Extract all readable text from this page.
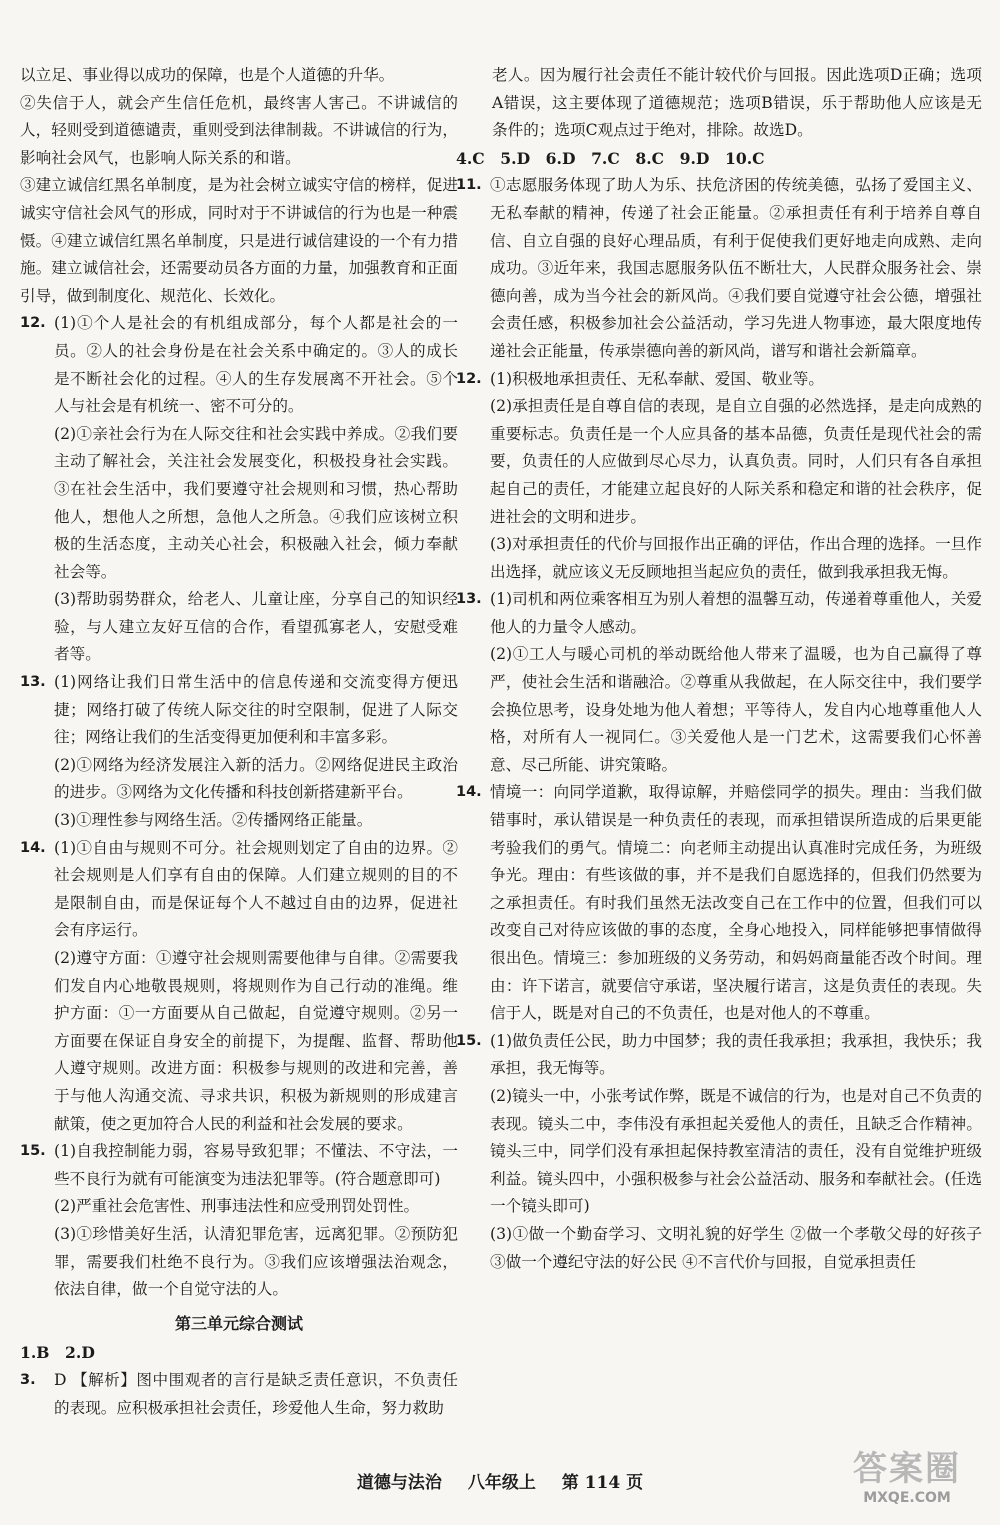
以立足、事业得以成功的保障，也是个人道德的升华。

②失信于人，就会产生信任危机，最终害人害己。不讲诚信的人，轻则受到道德谴责，重则受到法律制裁。不讲诚信的行为，影响社会风气，也影响人际关系的和谐。

③建立诚信红黑名单制度，是为社会树立诚实守信的榜样，促进诚实守信社会风气的形成，同时对于不讲诚信的行为也是一种震慑。④建立诚信红黑名单制度，只是进行诚信建设的一个有力措施。建立诚信社会，还需要动员各方面的力量，加强教育和正面引导，做到制度化、规范化、长效化。

12. (1)①个人是社会的有机组成部分，每个人都是社会的一员。②人的社会身份是在社会关系中确定的。③人的成长是不断社会化的过程。④人的生存发展离不开社会。⑤个人与社会是有机统一、密不可分的。

(2)①亲社会行为在人际交往和社会实践中养成。②我们要主动了解社会，关注社会发展变化，积极投身社会实践。③在社会生活中，我们要遵守社会规则和习惯，热心帮助他人，想他人之所想，急他人之所急。④我们应该树立积极的生活态度，主动关心社会，积极融入社会，倾力奉献社会等。

(3)帮助弱势群众，给老人、儿童让座，分享自己的知识经验，与人建立友好互信的合作，看望孤寡老人，安慰受难者等。

13. (1)网络让我们日常生活中的信息传递和交流变得方便迅捷；网络打破了传统人际交往的时空限制，促进了人际交往；网络让我们的生活变得更加便利和丰富多彩。

(2)①网络为经济发展注入新的活力。②网络促进民主政治的进步。③网络为文化传播和科技创新搭建新平台。

(3)①理性参与网络生活。②传播网络正能量。

14. (1)①自由与规则不可分。社会规则划定了自由的边界。②社会规则是人们享有自由的保障。人们建立规则的目的不是限制自由，而是保证每个人不越过自由的边界，促进社会有序运行。

(2)遵守方面：①遵守社会规则需要他律与自律。②需要我们发自内心地敬畏规则，将规则作为自己行动的准绳。维护方面：①一方面要从自己做起，自觉遵守规则。②另一方面要在保证自身安全的前提下，为提醒、监督、帮助他人遵守规则。改进方面：积极参与规则的改进和完善，善于与他人沟通交流、寻求共识，积极为新规则的形成建言献策，使之更加符合人民的利益和社会发展的要求。

15. (1)自我控制能力弱，容易导致犯罪；不懂法、不守法，一些不良行为就有可能演变为违法犯罪等。(符合题意即可)

(2)严重社会危害性、刑事违法性和应受刑罚处罚性。

(3)①珍惜美好生活，认清犯罪危害，远离犯罪。②预防犯罪，需要我们杜绝不良行为。③我们应该增强法治观念，依法自律，做一个自觉守法的人。

第三单元综合测试

1.B　2.D

3.	D 【解析】图中围观者的言行是缺乏责任意识，不负责任的表现。应积极承担社会责任，珍爱他人生命，努力救助

老人。因为履行社会责任不能计较代价与回报。因此选项D正确；选项A错误，这主要体现了道德规范；选项B错误，乐于帮助他人应该是无条件的；选项C观点过于绝对，排除。故选D。

4.C　5.D　6.D　7.C　8.C　9.D　10.C

11. ①志愿服务体现了助人为乐、扶危济困的传统美德，弘扬了爱国主义、无私奉献的精神，传递了社会正能量。②承担责任有利于培养自尊自信、自立自强的良好心理品质，有利于促使我们更好地走向成熟、走向成功。③近年来，我国志愿服务队伍不断壮大，人民群众服务社会、崇德向善，成为当今社会的新风尚。④我们要自觉遵守社会公德，增强社会责任感，积极参加社会公益活动，学习先进人物事迹，最大限度地传递社会正能量，传承崇德向善的新风尚，谱写和谐社会新篇章。

12. (1)积极地承担责任、无私奉献、爱国、敬业等。

(2)承担责任是自尊自信的表现，是自立自强的必然选择，是走向成熟的重要标志。负责任是一个人应具备的基本品德，负责任是现代社会的需要，负责任的人应做到尽心尽力，认真负责。同时，人们只有各自承担起自己的责任，才能建立起良好的人际关系和稳定和谐的社会秩序，促进社会的文明和进步。

(3)对承担责任的代价与回报作出正确的评估，作出合理的选择。一旦作出选择，就应该义无反顾地担当起应负的责任，做到我承担我无悔。

13. (1)司机和两位乘客相互为别人着想的温馨互动，传递着尊重他人，关爱他人的力量令人感动。

(2)①工人与暖心司机的举动既给他人带来了温暖，也为自己赢得了尊严，使社会生活和谐融洽。②尊重从我做起，在人际交往中，我们要学会换位思考，设身处地为他人着想；平等待人，发自内心地尊重他人人格，对所有人一视同仁。③关爱他人是一门艺术，这需要我们心怀善意、尽己所能、讲究策略。

14. 情境一：向同学道歉，取得谅解，并赔偿同学的损失。理由：当我们做错事时，承认错误是一种负责任的表现，而承担错误所造成的后果更能考验我们的勇气。情境二：向老师主动提出认真准时完成任务，为班级争光。理由：有些该做的事，并不是我们自愿选择的，但我们仍然要为之承担责任。有时我们虽然无法改变自己在工作中的位置，但我们可以改变自己对待应该做的事的态度，全身心地投入，同样能够把事情做得很出色。情境三：参加班级的义务劳动，和妈妈商量能否改个时间。理由：许下诺言，就要信守承诺，坚决履行诺言，这是负责任的表现。失信于人，既是对自己的不负责任，也是对他人的不尊重。

15. (1)做负责任公民，助力中国梦；我的责任我承担；我承担，我快乐；我承担，我无悔等。

(2)镜头一中，小张考试作弊，既是不诚信的行为，也是对自己不负责的表现。镜头二中，李伟没有承担起关爱他人的责任，且缺乏合作精神。镜头三中，同学们没有承担起保持教室清洁的责任，没有自觉维护班级利益。镜头四中，小强积极参与社会公益活动、服务和奉献社会。(任选一个镜头即可)

(3)①做一个勤奋学习、文明礼貌的好学生 ②做一个孝敬父母的好孩子 ③做一个遵纪守法的好公民 ④不言代价与回报，自觉承担责任

道德与法治 八年级上 第 114 页	答案圈
MXQE.COM
